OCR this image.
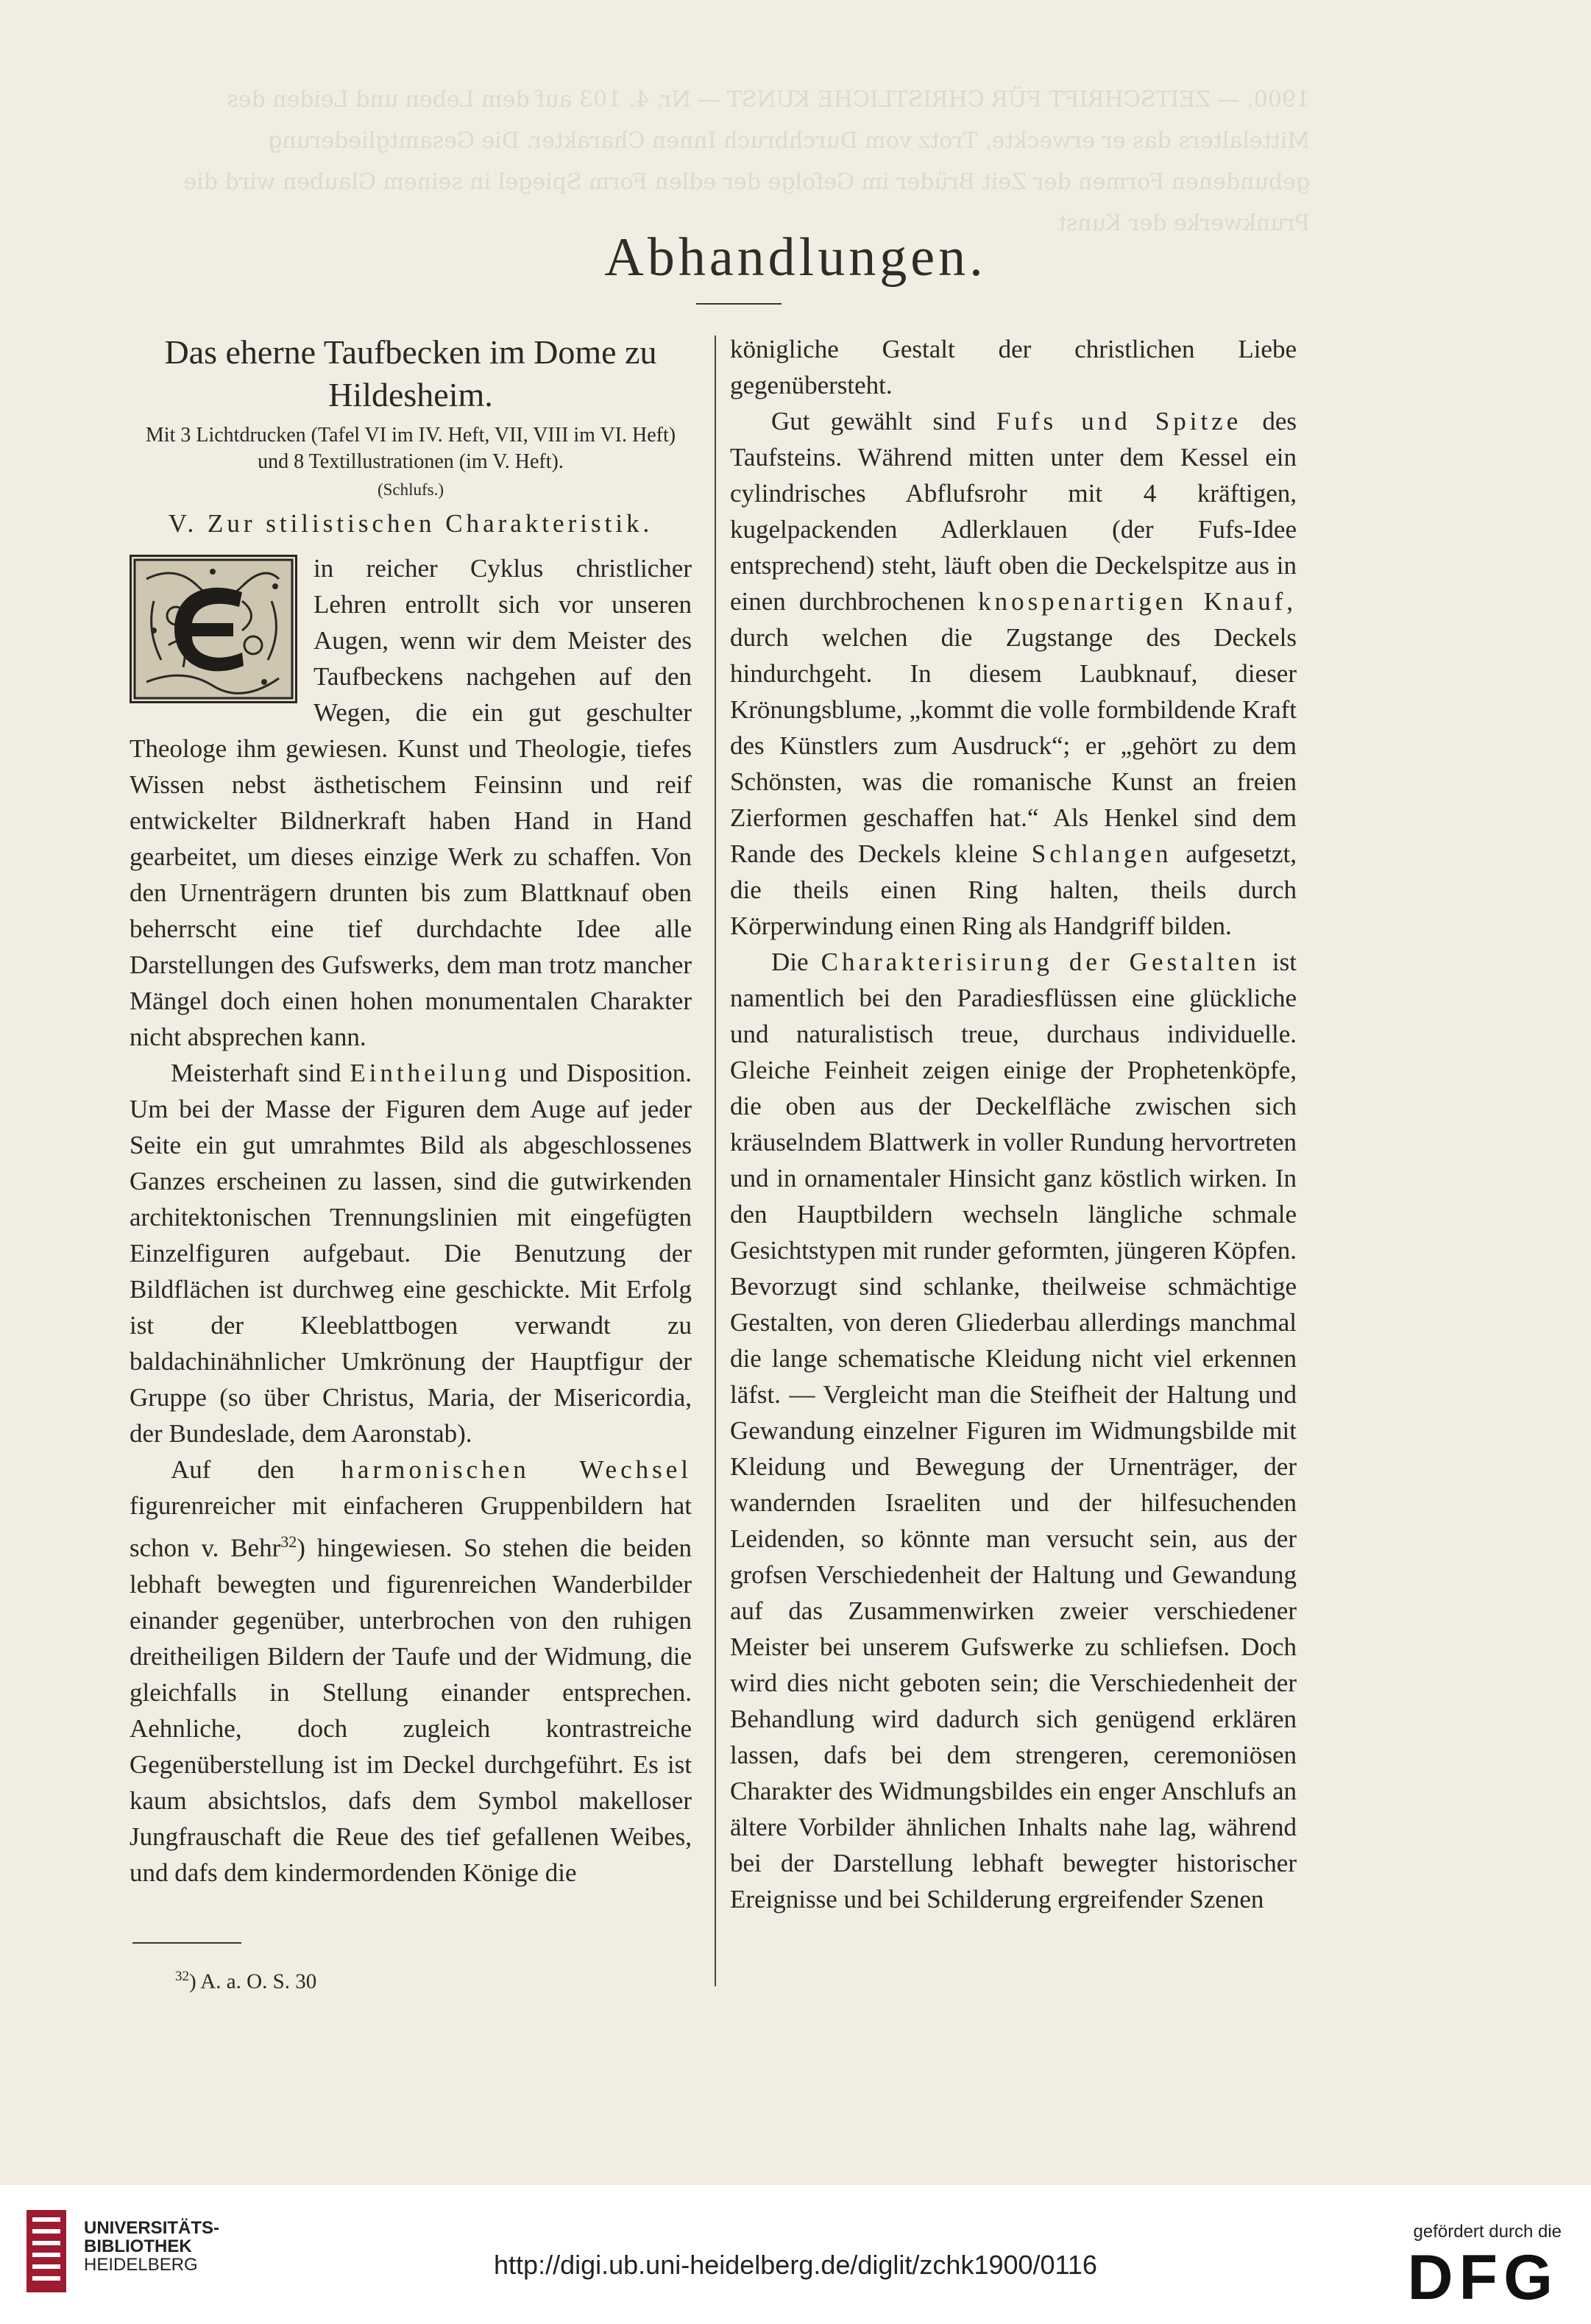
1900. — ZEITSCHRIFT FÜR CHRISTLICHE KUNST — Nr. 4. 103 auf dem Leben und Leiden des Mittelalters das er erweckte, Trotz vom Durchbruch Innen Charakter. Die Gesamtgliederung gebundenen Formen der Zeit Brüder im Gefolge der edlen Form Spiegel in seinem Glauben wird die Prunkwerke der Kunst
Abhandlungen.
Das eherne Taufbecken im Dome zu Hildesheim.
Mit 3 Lichtdrucken (Tafel VI im IV. Heft, VII, VIII im VI. Heft) und 8 Textillustrationen (im V. Heft).
(Schlufs.)
V. Zur stilistischen Charakteristik.

in reicher Cyklus christlicher Lehren entrollt sich vor unseren Augen, wenn wir dem Meister des Taufbeckens nachgehen auf den Wegen, die ein gut geschulter Theologe ihm gewiesen. Kunst und Theologie, tiefes Wissen nebst ästhetischem Feinsinn und reif entwickelter Bildnerkraft haben Hand in Hand gearbeitet, um dieses einzige Werk zu schaffen. Von den Urnenträgern drunten bis zum Blattknauf oben beherrscht eine tief durchdachte Idee alle Darstellungen des Gufswerks, dem man trotz mancher Mängel doch einen hohen monumentalen Charakter nicht absprechen kann.

Meisterhaft sind Eintheilung und Disposition. Um bei der Masse der Figuren dem Auge auf jeder Seite ein gut umrahmtes Bild als abgeschlossenes Ganzes erscheinen zu lassen, sind die gutwirkenden architektonischen Trennungslinien mit eingefügten Einzelfiguren aufgebaut. Die Benutzung der Bildflächen ist durchweg eine geschickte. Mit Erfolg ist der Kleeblattbogen verwandt zu baldachinähnlicher Umkrönung der Hauptfigur der Gruppe (so über Christus, Maria, der Misericordia, der Bundeslade, dem Aaronstab).

Auf den harmonischen Wechsel figurenreicher mit einfacheren Gruppenbildern hat schon v. Behr$^{32}$) hingewiesen. So stehen die beiden lebhaft bewegten und figurenreichen Wanderbilder einander gegenüber, unterbrochen von den ruhigen dreitheiligen Bildern der Taufe und der Widmung, die gleichfalls in Stellung einander entsprechen. Aehnliche, doch zugleich kontrastreiche Gegenüberstellung ist im Deckel durchgeführt. Es ist kaum absichtslos, dafs dem Symbol makelloser Jungfrauschaft die Reue des tief gefallenen Weibes, und dafs dem kindermordenden Könige die

königliche Gestalt der christlichen Liebe gegenübersteht.

Gut gewählt sind Fufs und Spitze des Taufsteins. Während mitten unter dem Kessel ein cylindrisches Abflufsrohr mit 4 kräftigen, kugelpackenden Adlerklauen (der Fufs-Idee entsprechend) steht, läuft oben die Deckelspitze aus in einen durchbrochenen knospenartigen Knauf, durch welchen die Zugstange des Deckels hindurchgeht. In diesem Laubknauf, dieser Krönungsblume, „kommt die volle formbildende Kraft des Künstlers zum Ausdruck“; er „gehört zu dem Schönsten, was die romanische Kunst an freien Zierformen geschaffen hat.“ Als Henkel sind dem Rande des Deckels kleine Schlangen aufgesetzt, die theils einen Ring halten, theils durch Körperwindung einen Ring als Handgriff bilden.

Die Charakterisirung der Gestalten ist namentlich bei den Paradiesflüssen eine glückliche und naturalistisch treue, durchaus individuelle. Gleiche Feinheit zeigen einige der Prophetenköpfe, die oben aus der Deckelfläche zwischen sich kräuselndem Blattwerk in voller Rundung hervortreten und in ornamentaler Hinsicht ganz köstlich wirken. In den Hauptbildern wechseln längliche schmale Gesichtstypen mit runder geformten, jüngeren Köpfen. Bevorzugt sind schlanke, theilweise schmächtige Gestalten, von deren Gliederbau allerdings manchmal die lange schematische Kleidung nicht viel erkennen läfst. — Vergleicht man die Steifheit der Haltung und Gewandung einzelner Figuren im Widmungsbilde mit Kleidung und Bewegung der Urnenträger, der wandernden Israeliten und der hilfesuchenden Leidenden, so könnte man versucht sein, aus der grofsen Verschiedenheit der Haltung und Gewandung auf das Zusammenwirken zweier verschiedener Meister bei unserem Gufswerke zu schliefsen. Doch wird dies nicht geboten sein; die Verschiedenheit der Behandlung wird dadurch sich genügend erklären lassen, dafs bei dem strengeren, ceremoniösen Charakter des Widmungsbildes ein enger Anschlufs an ältere Vorbilder ähnlichen Inhalts nahe lag, während bei der Darstellung lebhaft bewegter historischer Ereignisse und bei Schilderung ergreifender Szenen

$^{32}$) A. a. O. S. 30
UNIVERSITÄTS-
BIBLIOTHEK
HEIDELBERG	http://digi.ub.uni-heidelberg.de/diglit/zchk1900/0116
gefördert durch die
DFG
